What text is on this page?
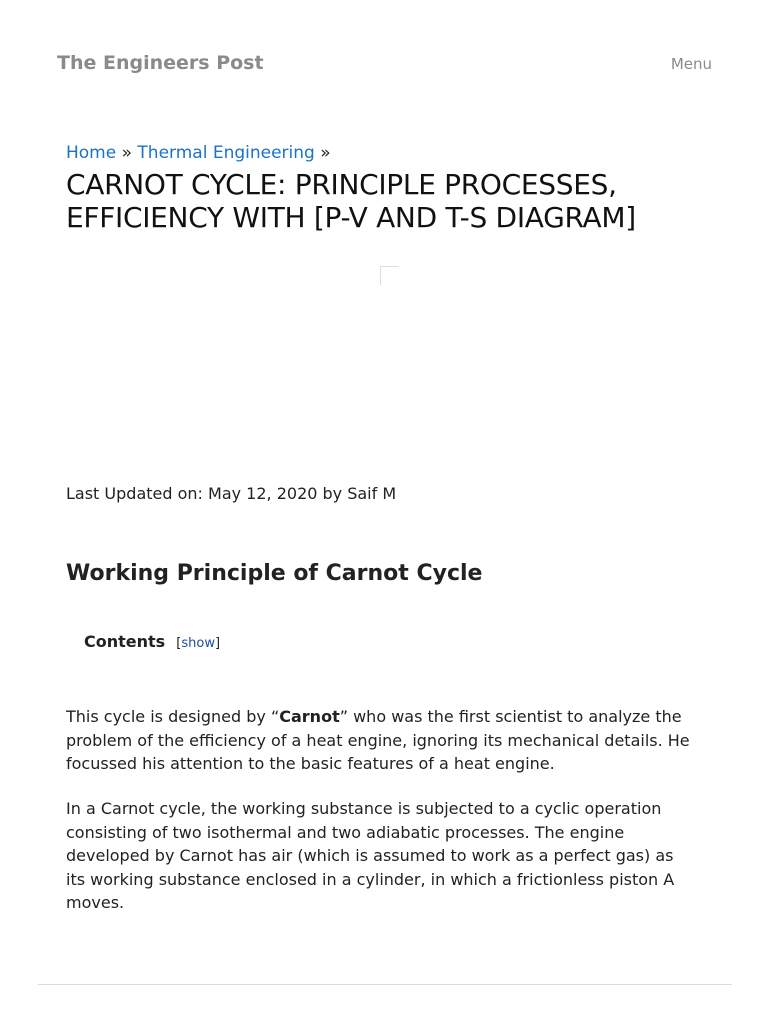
The Engineers Post	Menu
Home » Thermal Engineering »
CARNOT CYCLE: PRINCIPLE PROCESSES, EFFICIENCY WITH [P-V AND T-S DIAGRAM]
Last Updated on: May 12, 2020 by Saif M
Working Principle of Carnot Cycle
Contents [show]

This cycle is designed by “Carnot” who was the first scientist to analyze the problem of the efficiency of a heat engine, ignoring its mechanical details. He focussed his attention to the basic features of a heat engine.

In a Carnot cycle, the working substance is subjected to a cyclic operation consisting of two isothermal and two adiabatic processes. The engine developed by Carnot has air (which is assumed to work as a perfect gas) as its working substance enclosed in a cylinder, in which a frictionless piston A moves.
